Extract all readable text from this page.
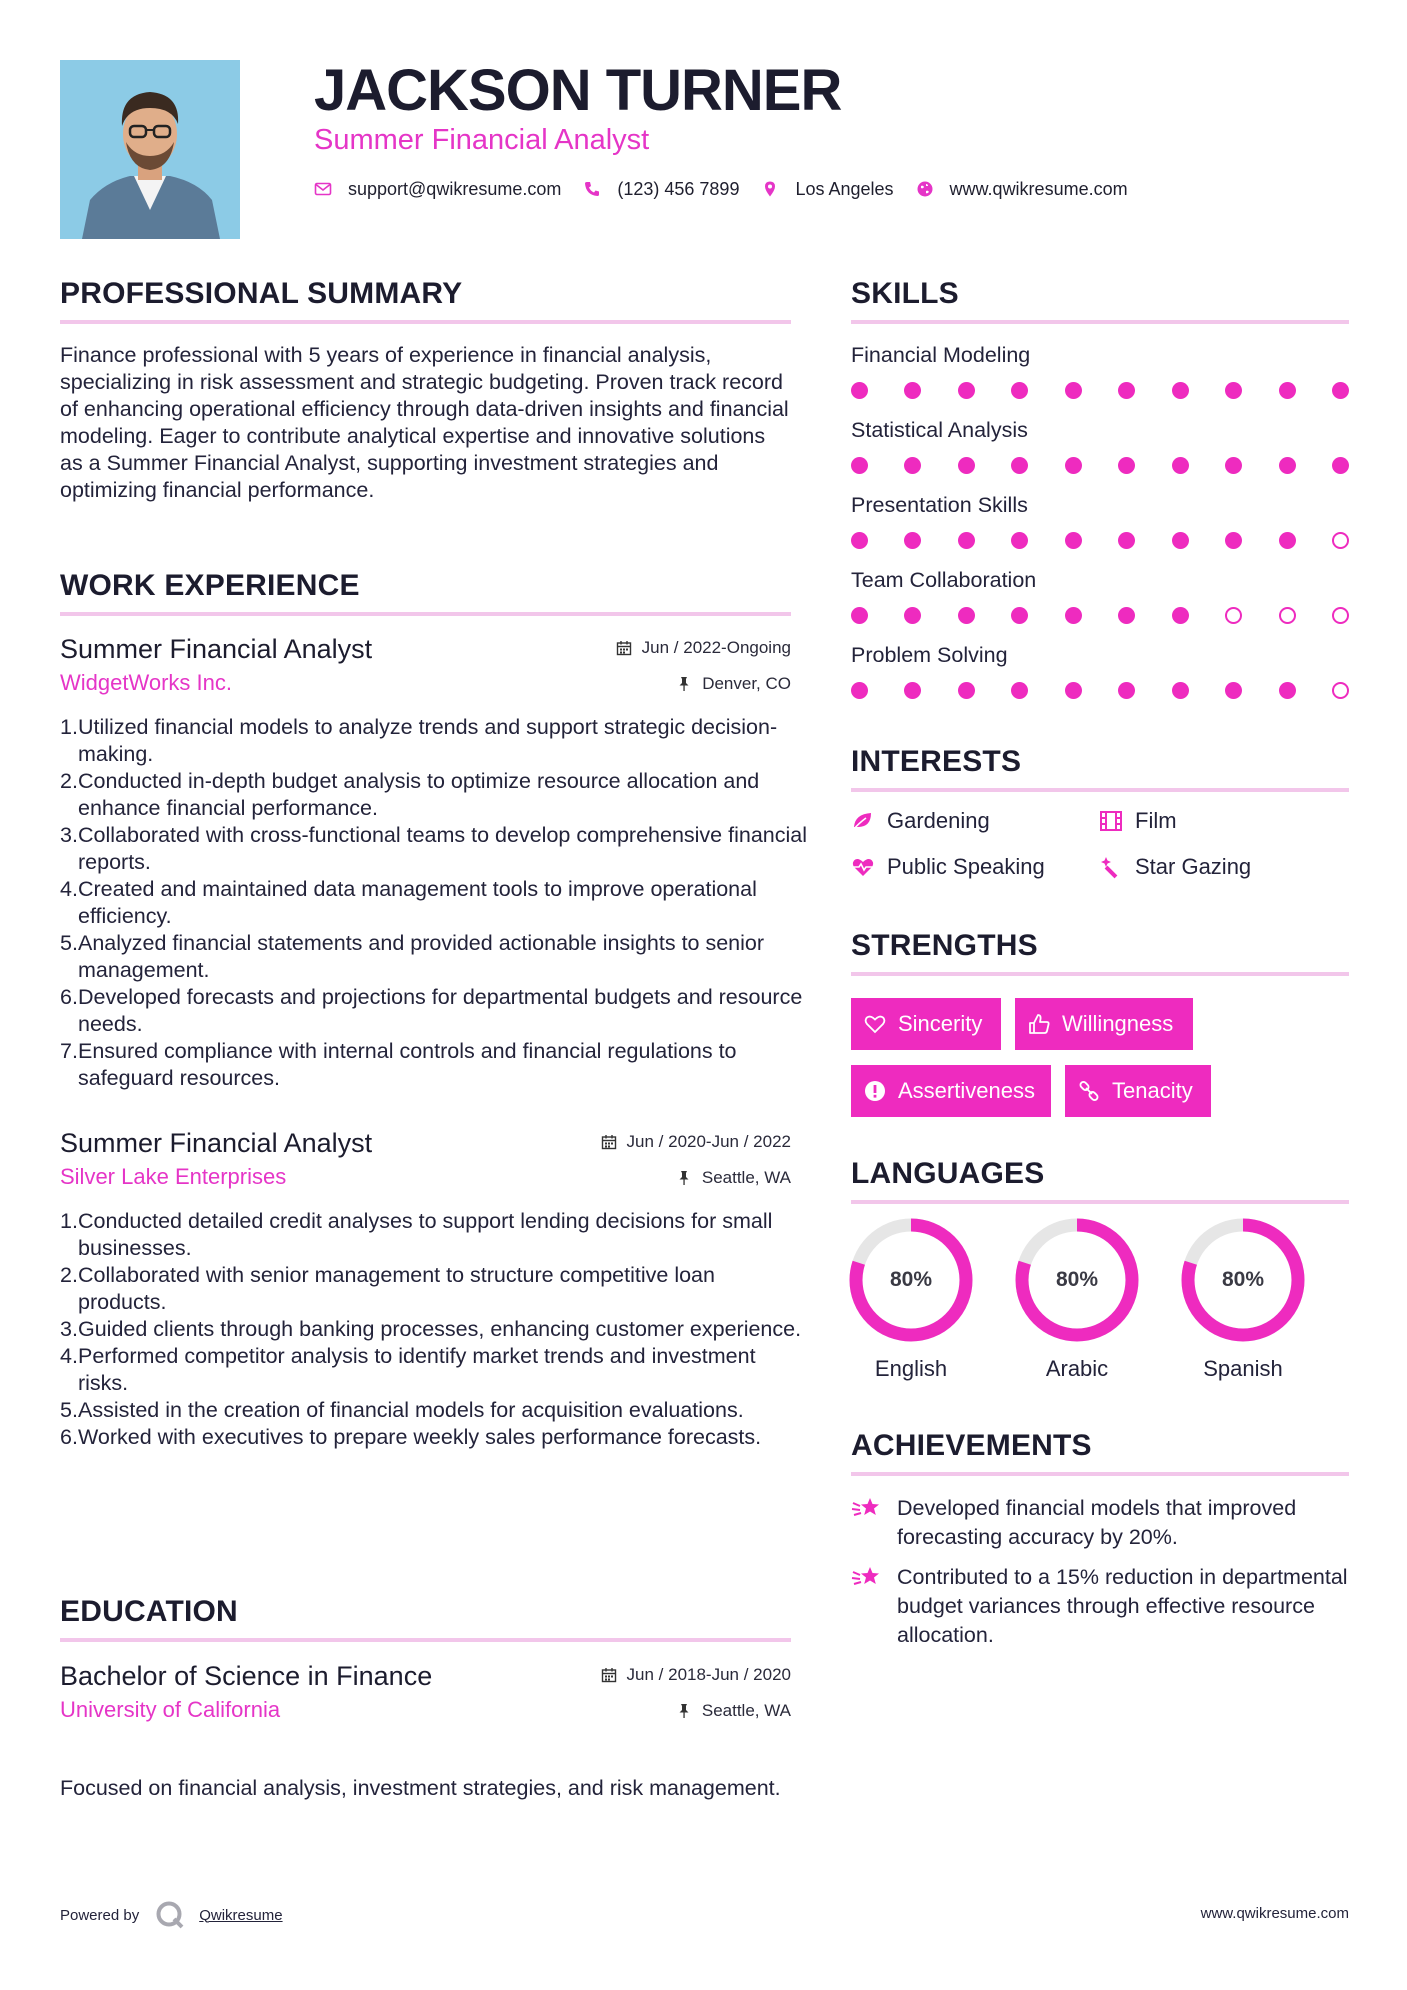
JACKSON TURNER
Summer Financial Analyst
support@qwikresume.com	(123) 456 7899	Los Angeles	www.qwikresume.com
PROFESSIONAL SUMMARY
Finance professional with 5 years of experience in financial analysis, specializing in risk assessment and strategic budgeting. Proven track record of enhancing operational efficiency through data-driven insights and financial modeling. Eager to contribute analytical expertise and innovative solutions as a Summer Financial Analyst, supporting investment strategies and optimizing financial performance.
WORK EXPERIENCE
Summer Financial Analyst	Jun / 2022-Ongoing
WidgetWorks Inc.	Denver, CO
Utilized financial models to analyze trends and support strategic decision-making.
Conducted in-depth budget analysis to optimize resource allocation and enhance financial performance.
Collaborated with cross-functional teams to develop comprehensive financial reports.
Created and maintained data management tools to improve operational efficiency.
Analyzed financial statements and provided actionable insights to senior management.
Developed forecasts and projections for departmental budgets and resource needs.
Ensured compliance with internal controls and financial regulations to safeguard resources.
Summer Financial Analyst	Jun / 2020-Jun / 2022
Silver Lake Enterprises	Seattle, WA
Conducted detailed credit analyses to support lending decisions for small businesses.
Collaborated with senior management to structure competitive loan products.
Guided clients through banking processes, enhancing customer experience.
Performed competitor analysis to identify market trends and investment risks.
Assisted in the creation of financial models for acquisition evaluations.
Worked with executives to prepare weekly sales performance forecasts.
EDUCATION
Bachelor of Science in Finance	Jun / 2018-Jun / 2020
University of California	Seattle, WA
Focused on financial analysis, investment strategies, and risk management.
SKILLS
Financial Modeling
Statistical Analysis
Presentation Skills
Team Collaboration
Problem Solving
INTERESTS
Gardening	Film
Public Speaking	Star Gazing
STRENGTHS
Sincerity	Willingness
Assertiveness	Tenacity
LANGUAGES
80%
English
80%
Arabic
80%
Spanish
ACHIEVEMENTS
Developed financial models that improved forecasting accuracy by 20%.
Contributed to a 15% reduction in departmental budget variances through effective resource allocation.
Powered by	Qwikresume	www.qwikresume.com
